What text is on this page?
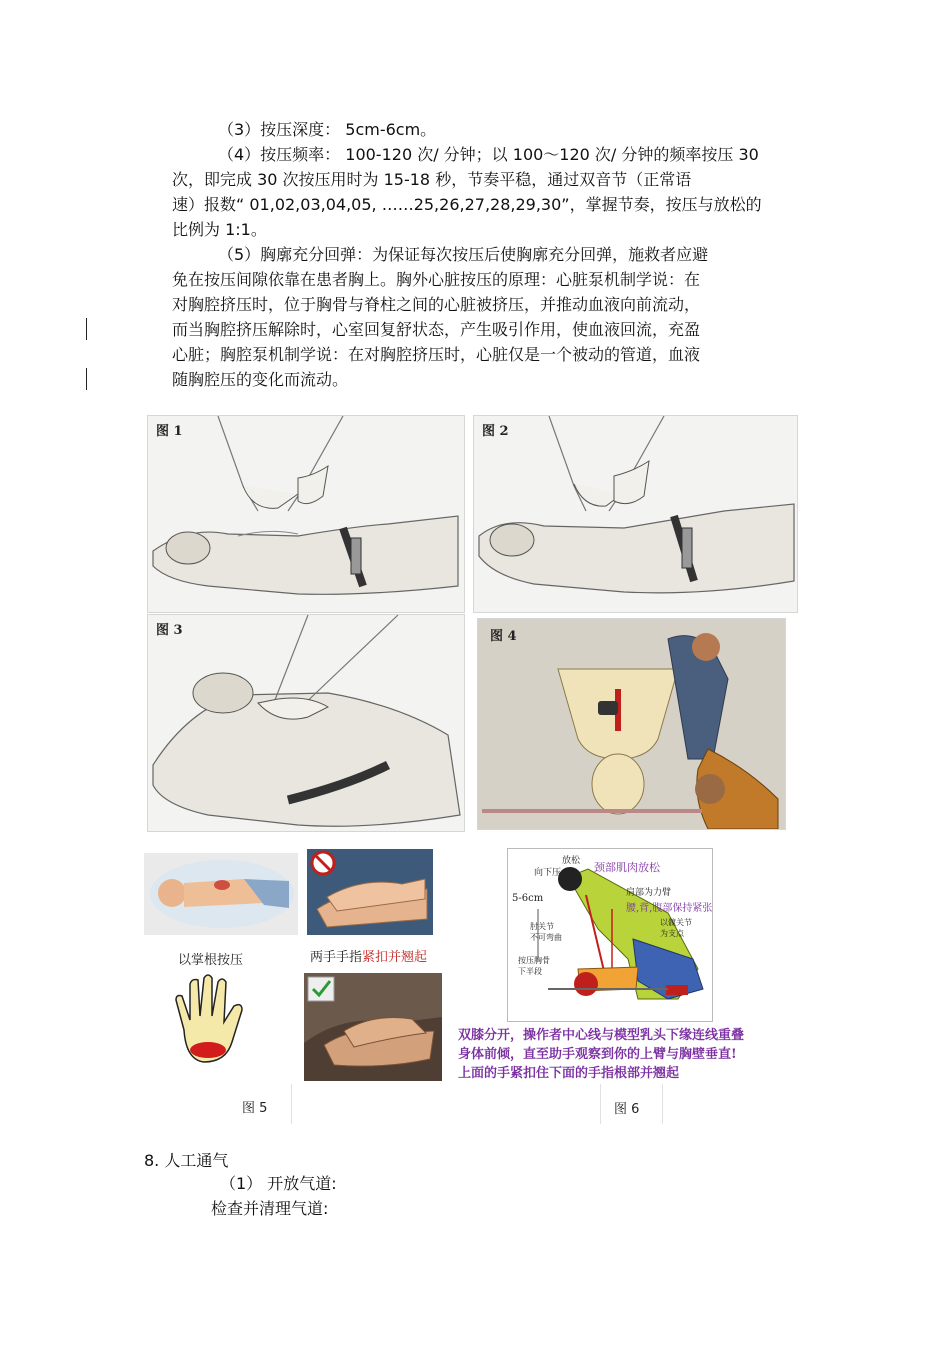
（3）按压深度： 5cm-6cm。

（4）按压频率： 100-120 次/ 分钟；以 100～120 次/ 分钟的频率按压 30

次，即完成 30 次按压用时为 15-18 秒，节奏平稳，通过双音节（正常语

速）报数“ 01,02,03,04,05, ……25,26,27,28,29,30”，掌握节奏，按压与放松的

比例为 1:1。

（5）胸廓充分回弹：为保证每次按压后使胸廓充分回弹，施救者应避

免在按压间隙依靠在患者胸上。胸外心脏按压的原理：心脏泵机制学说：在

对胸腔挤压时，位于胸骨与脊柱之间的心脏被挤压，并推动血液向前流动，

而当胸腔挤压解除时，心室回复舒状态，产生吸引作用，使血液回流，充盈

心脏；胸腔泵机制学说：在对胸腔挤压时，心脏仅是一个被动的管道，血液

随胸腔压的变化而流动。

图 1	图 2
图 3	图 4
以掌根按压	两手手指紧扣并翘起
图 5
放松
向下压	颈部肌肉放松
5-6cm	肩部为力臂
腰,背,腹部保持紧张
肘关节
不可弯曲
以髋关节
为支点
按压胸骨
下半段
双膝分开，操作者中心线与模型乳头下缘连线重叠
身体前倾，直至助手观察到你的上臂与胸壁垂直!
上面的手紧扣住下面的手指根部并翘起
图 6
8. 人工通气
（1） 开放气道:
检查并清理气道:
